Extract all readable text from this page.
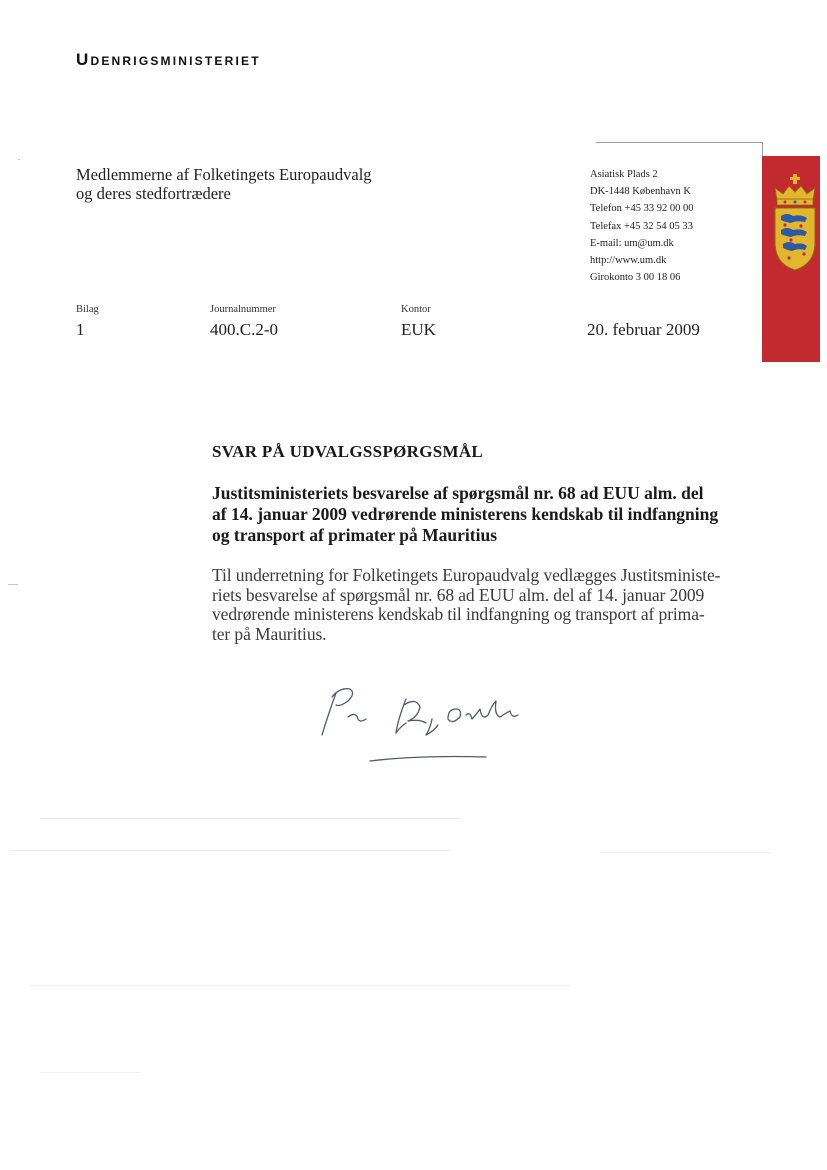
Udenrigsministeriet
Medlemmerne af Folketingets Europaudvalg
og deres stedfortrædere
Asiatisk Plads 2
DK-1448 København K
Telefon +45 33 92 00 00
Telefax +45 32 54 05 33
E-mail: um@um.dk
http://www.um.dk
Girokonto 3 00 18 06
Bilag
1
Journalnummer
400.C.2-0
Kontor
EUK	20. februar 2009
SVAR PÅ UDVALGSSPØRGSMÅL
Justitsministeriets besvarelse af spørgsmål nr. 68 ad EUU alm. del
af 14. januar 2009 vedrørende ministerens kendskab til indfangning
og transport af primater på Mauritius
Til underretning for Folketingets Europaudvalg vedlægges Justitsministe-
riets besvarelse af spørgsmål nr. 68 ad EUU alm. del af 14. januar 2009
vedrørende ministerens kendskab til indfangning og transport af prima-
ter på Mauritius.
